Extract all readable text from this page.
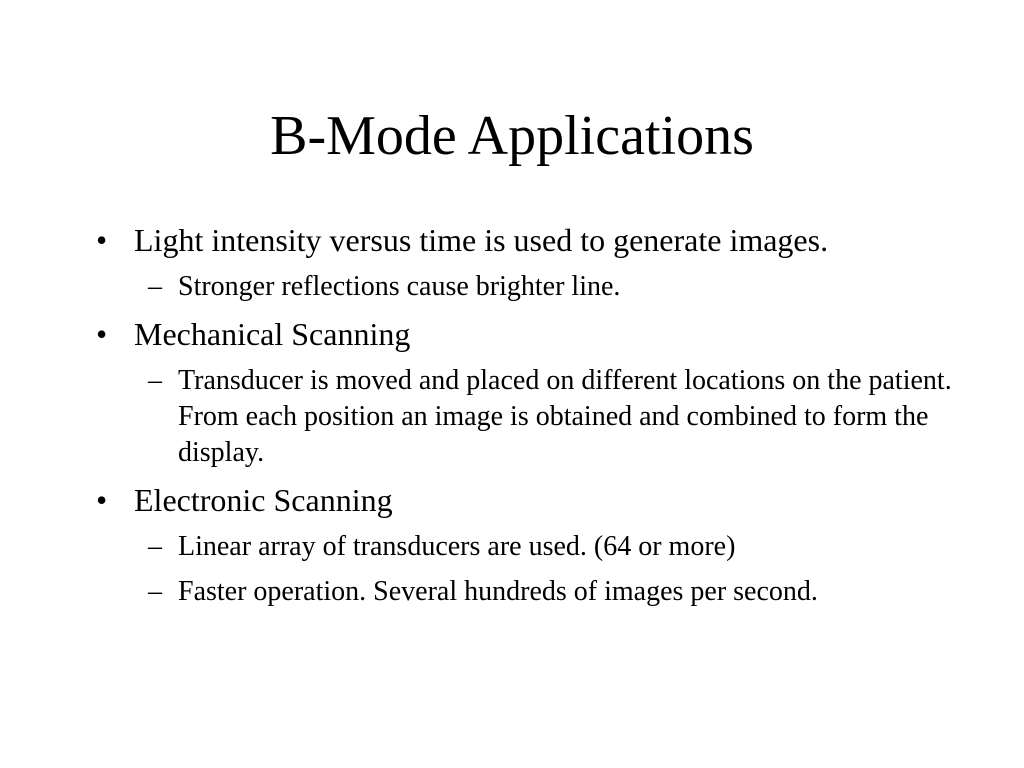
B-Mode Applications
• Light intensity versus time is used to generate images.
– Stronger reflections cause brighter line.
• Mechanical Scanning
– Transducer is moved and placed on different locations on the patient. From each position an image is obtained and combined to form the display.
• Electronic Scanning
– Linear array of transducers are used. (64 or more)
– Faster operation. Several hundreds of images per second.
